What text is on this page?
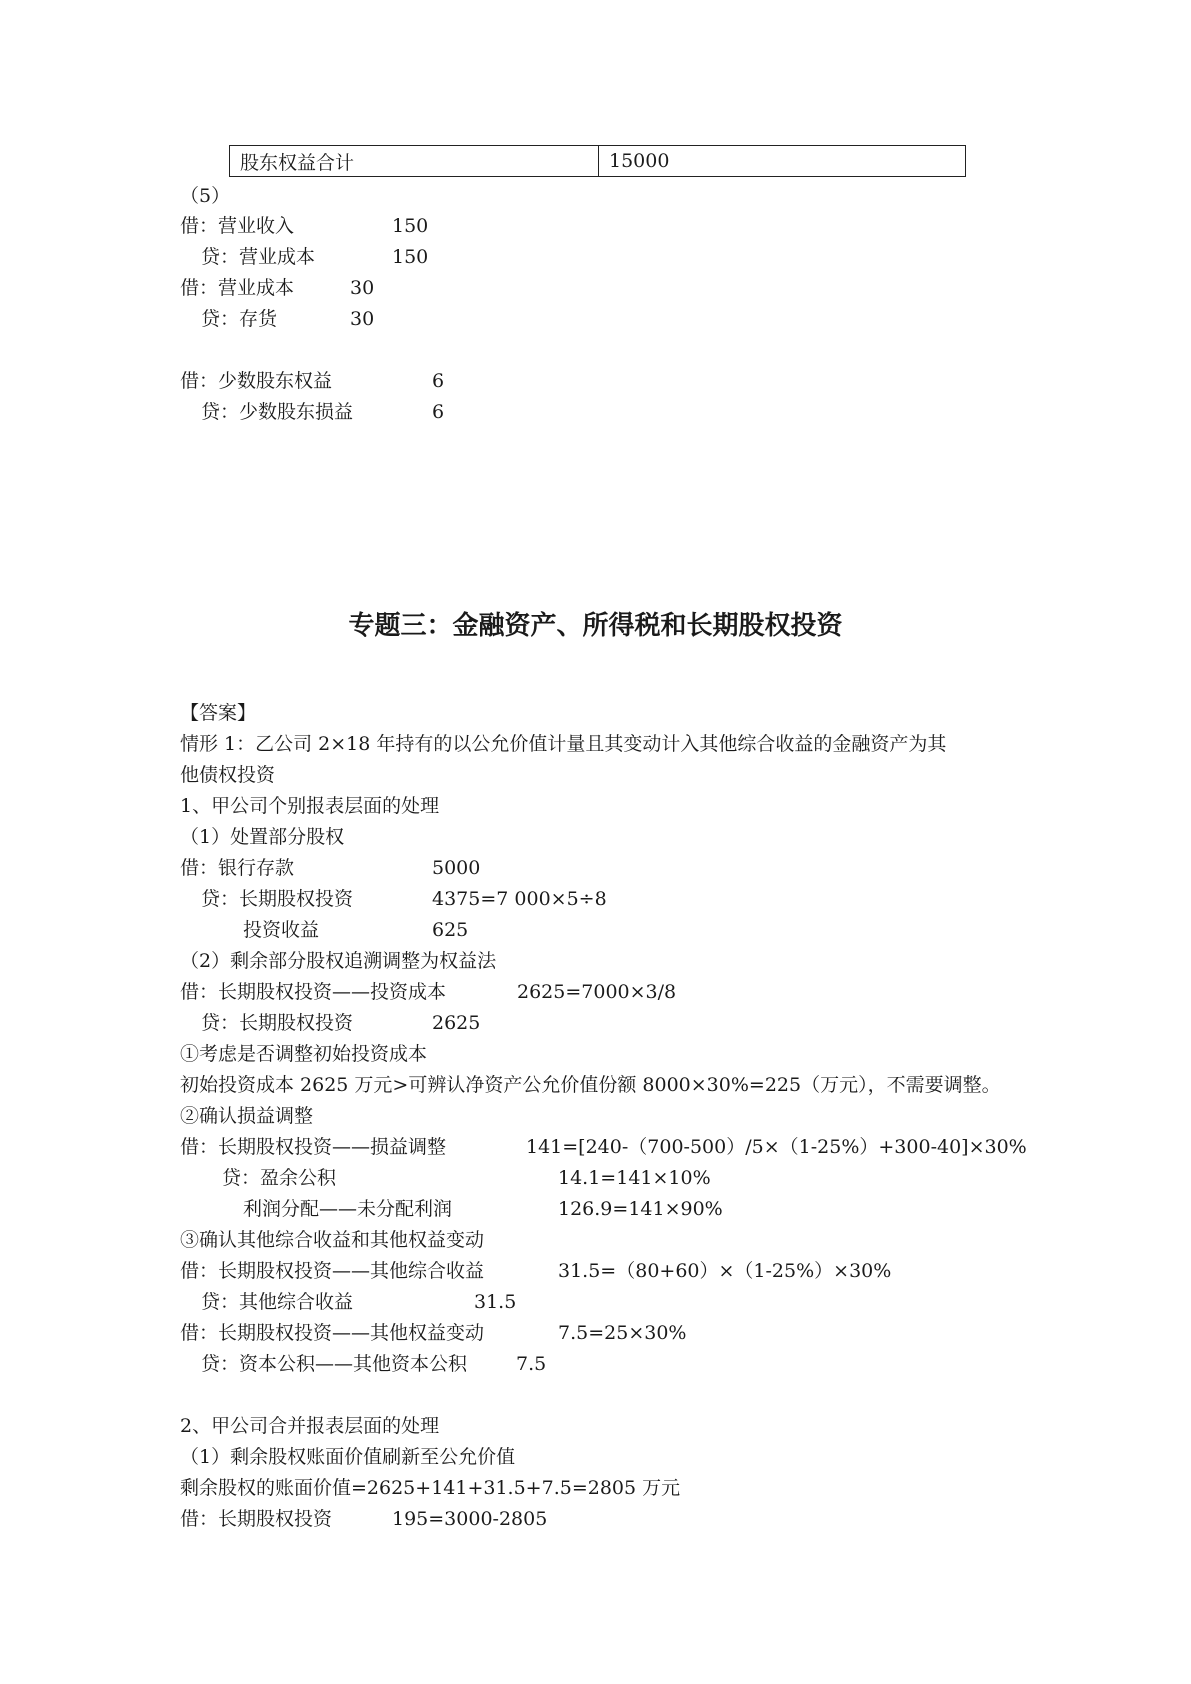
股东权益合计	15000
（5）
借：营业收入	150
贷：营业成本	150
借：营业成本	30
贷：存货	30
借：少数股东权益	6
贷：少数股东损益	6
专题三：金融资产、所得税和长期股权投资
【答案】
情形 1：乙公司 2×18 年持有的以公允价值计量且其变动计入其他综合收益的金融资产为其
他债权投资
1、甲公司个别报表层面的处理
（1）处置部分股权
借：银行存款	5000
贷：长期股权投资	4375=7 000×5÷8
投资收益	625
（2）剩余部分股权追溯调整为权益法
借：长期股权投资——投资成本	2625=7000×3/8
贷：长期股权投资	2625
①考虑是否调整初始投资成本
初始投资成本 2625 万元>可辨认净资产公允价值份额 8000×30%=225（万元），不需要调整。
②确认损益调整
借：长期股权投资——损益调整	141=[240-（700-500）/5×（1-25%）+300-40]×30%
贷：盈余公积	14.1=141×10%
利润分配——未分配利润	126.9=141×90%
③确认其他综合收益和其他权益变动
借：长期股权投资——其他综合收益	31.5=（80+60）×（1-25%）×30%
贷：其他综合收益	31.5
借：长期股权投资——其他权益变动	7.5=25×30%
贷：资本公积——其他资本公积	7.5
2、甲公司合并报表层面的处理
（1）剩余股权账面价值刷新至公允价值
剩余股权的账面价值=2625+141+31.5+7.5=2805 万元
借：长期股权投资	195=3000-2805
